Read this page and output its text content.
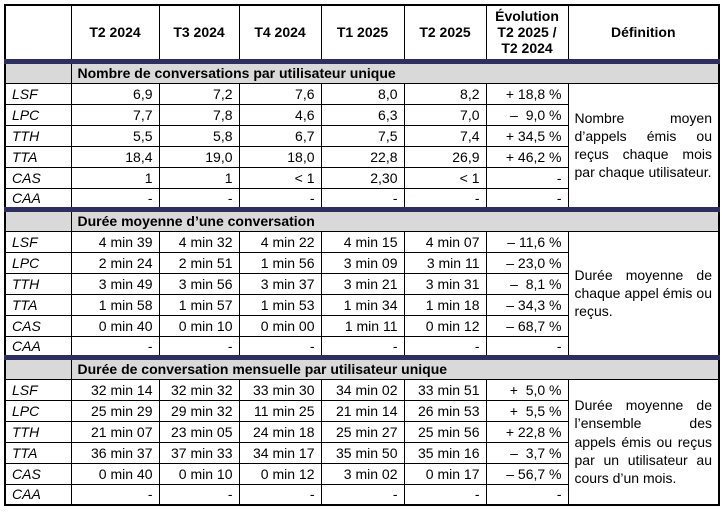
	T2 2024	T3 2024	T4 2024	T1 2025	T2 2025	Évolution T2 2025 / T2 2024	Définition
	Nombre de conversations par utilisateur unique						
LSF	6,9	7,2	7,6	8,0	8,2	+ 18,8 %	Nombre moyen d’appels émis ou reçus chaque mois par chaque utilisateur.
LPC	7,7	7,8	4,6	6,3	7,0	–  9,0 %	
TTH	5,5	5,8	6,7	7,5	7,4	+ 34,5 %	
TTA	18,4	19,0	18,0	22,8	26,9	+ 46,2 %	
CAS	1	1	< 1	2,30	< 1	-	
CAA	-	-	-	-	-	-	
	Durée moyenne d’une conversation						
LSF	4 min 39	4 min 32	4 min 22	4 min 15	4 min 07	– 11,6 %	Durée moyenne de chaque appel émis ou reçus.
LPC	2 min 24	2 min 51	1 min 56	3 min 09	3 min 11	– 23,0 %	
TTH	3 min 49	3 min 56	3 min 37	3 min 21	3 min 31	–  8,1 %	
TTA	1 min 58	1 min 57	1 min 53	1 min 34	1 min 18	– 34,3 %	
CAS	0 min 40	0 min 10	0 min 00	1 min 11	0 min 12	– 68,7 %	
CAA	-	-	-	-	-	-	
	Durée de conversation mensuelle par utilisateur unique						
LSF	32 min 14	32 min 32	33 min 30	34 min 02	33 min 51	+  5,0 %	Durée moyenne de l’ensemble des appels émis ou reçus par un utilisateur au cours d’un mois.
LPC	25 min 29	29 min 32	11 min 25	21 min 14	26 min 53	+  5,5 %	
TTH	21 min 07	23 min 05	24 min 18	25 min 27	25 min 56	+ 22,8 %	
TTA	36 min 37	37 min 33	34 min 17	35 min 50	35 min 16	–  3,7 %	
CAS	0 min 40	0 min 10	0 min 12	3 min 02	0 min 17	– 56,7 %	
CAA	-	-	-	-	-	-	
